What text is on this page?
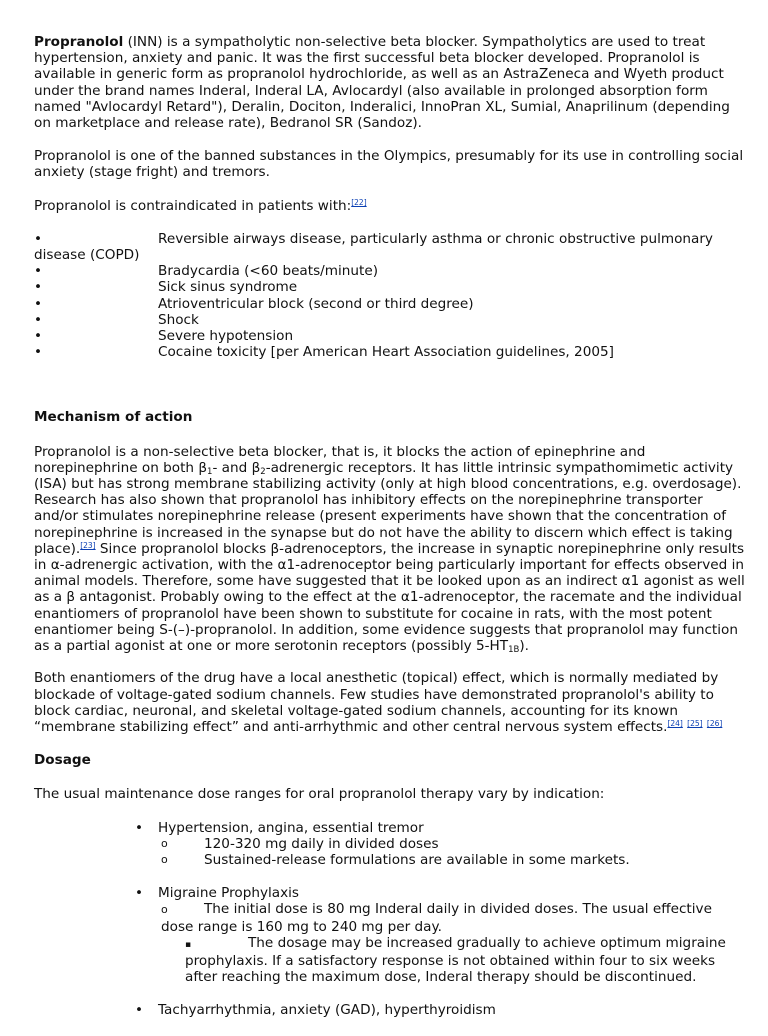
Propranolol (INN) is a sympatholytic non-selective beta blocker. Sympatholytics are used to treat hypertension, anxiety and panic. It was the first successful beta blocker developed. Propranolol is available in generic form as propranolol hydrochloride, as well as an AstraZeneca and Wyeth product under the brand names Inderal, Inderal LA, Avlocardyl (also available in prolonged absorption form named "Avlocardyl Retard"), Deralin, Dociton, Inderalici, InnoPran XL, Sumial, Anaprilinum (depending on marketplace and release rate), Bedranol SR (Sandoz).

Propranolol is one of the banned substances in the Olympics, presumably for its use in controlling social anxiety (stage fright) and tremors.

Propranolol is contraindicated in patients with:[22]

•	Reversible airways disease, particularly asthma or chronic obstructive pulmonary disease (COPD)
•	Bradycardia (<60 beats/minute)
•	Sick sinus syndrome
•	Atrioventricular block (second or third degree)
•	Shock
•	Severe hypotension
•	Cocaine toxicity [per American Heart Association guidelines, 2005]
Mechanism of action

Propranolol is a non-selective beta blocker, that is, it blocks the action of epinephrine and norepinephrine on both $\beta_1-$ and $\beta_2$-adrenergic receptors. It has little intrinsic sympathomimetic activity (ISA) but has strong membrane stabilizing activity (only at high blood concentrations, e.g. overdosage). Research has also shown that propranolol has inhibitory effects on the norepinephrine transporter and/or stimulates norepinephrine release (present experiments have shown that the concentration of norepinephrine is increased in the synapse but do not have the ability to discern which effect is taking place).[23] Since propranolol blocks β-adrenoceptors, the increase in synaptic norepinephrine only results in α-adrenergic activation, with the α1-adrenoceptor being particularly important for effects observed in animal models. Therefore, some have suggested that it be looked upon as an indirect α1 agonist as well as a β antagonist. Probably owing to the effect at the α1-adrenoceptor, the racemate and the individual enantiomers of propranolol have been shown to substitute for cocaine in rats, with the most potent enantiomer being S-(–)-propranolol. In addition, some evidence suggests that propranolol may function as a partial agonist at one or more serotonin receptors (possibly $5-HT_{1B}$).

Both enantiomers of the drug have a local anesthetic (topical) effect, which is normally mediated by blockade of voltage-gated sodium channels. Few studies have demonstrated propranolol's ability to block cardiac, neuronal, and skeletal voltage-gated sodium channels, accounting for its known “membrane stabilizing effect” and anti-arrhythmic and other central nervous system effects.[24] [25] [26]

Dosage

The usual maintenance dose ranges for oral propranolol therapy vary by indication:

• Hypertension, angina, essential tremor
o	120-320 mg daily in divided doses
o	Sustained-release formulations are available in some markets.
• Migraine Prophylaxis
o	The initial dose is 80 mg Inderal daily in divided doses. The usual effective dose range is 160 mg to 240 mg per day.
▪	The dosage may be increased gradually to achieve optimum migraine prophylaxis. If a satisfactory response is not obtained within four to six weeks after reaching the maximum dose, Inderal therapy should be discontinued.
• Tachyarrhythmia, anxiety (GAD), hyperthyroidism
